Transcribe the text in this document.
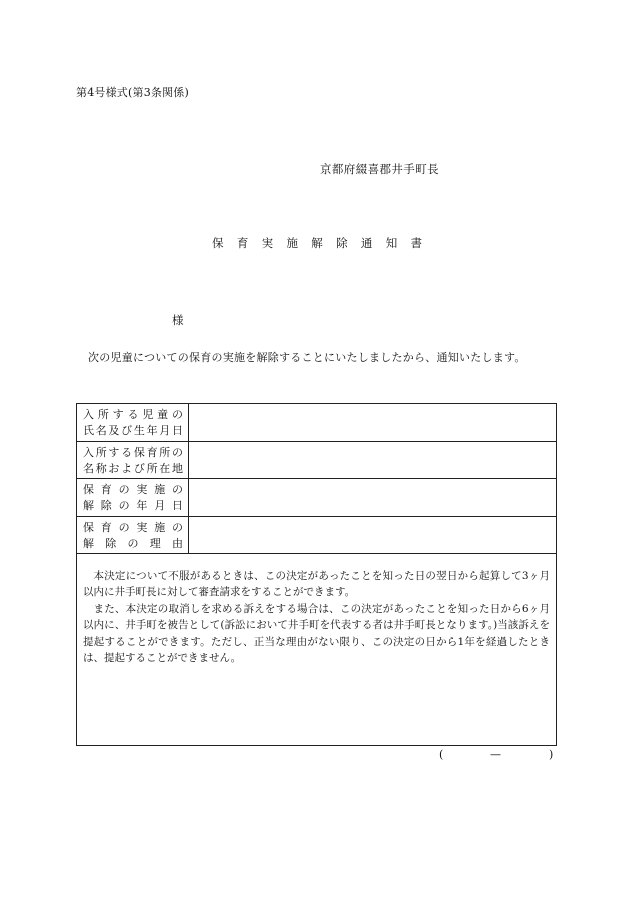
第4号様式(第3条関係)
京都府綴喜郡井手町長
保 育 実 施 解 除 通 知 書
様
次の児童についての保育の実施を解除することにいたしましたから、通知いたします。
入所する児童の
氏名及び生年月日
入所する保育所の
名称および所在地
保育の実施の
解除の年月日
保育の実施の
解除の理由

本決定について不服があるときは、この決定があったことを知った日の翌日から起算して3ヶ月以内に井手町長に対して審査請求をすることができます。

また、本決定の取消しを求める訴えをする場合は、この決定があったことを知った日から6ヶ月以内に、井手町を被告として(訴訟において井手町を代表する者は井手町長となります。)当該訴えを提起することができます。ただし、正当な理由がない限り、この決定の日から1年を経過したときは、提起することができません。

(	—	)
